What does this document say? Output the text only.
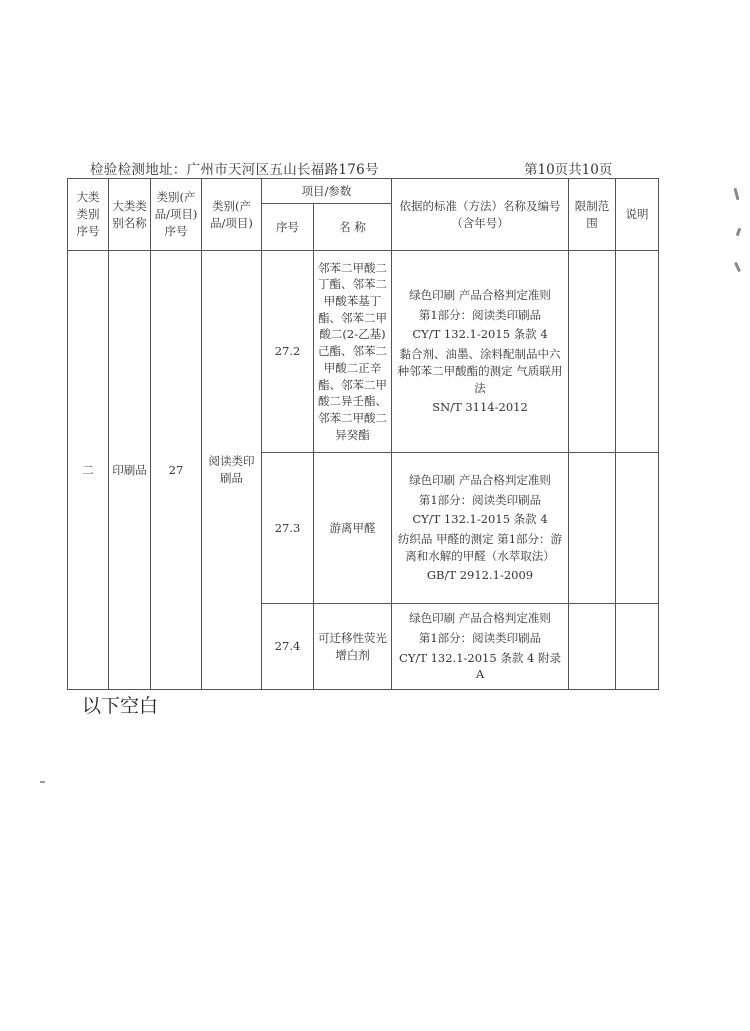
检验检测地址：广州市天河区五山长福路176号	第10页共10页
大类类别序号	大类类别名称	类别(产品/项目)序号	类别(产品/项目)	项目/参数		依据的标准（方法）名称及编号（含年号）	限制范围	说明
				序号	名 称			
二	印刷品	27	阅读类印刷品	27.2	邻苯二甲酸二丁酯、邻苯二甲酸苯基丁酯、邻苯二甲酸二(2-乙基)己酯、邻苯二甲酸二正辛酯、邻苯二甲酸二异壬酯、邻苯二甲酸二异癸酯	绿色印刷 产品合格判定准则

第1部分：阅读类印刷品

CY/T 132.1-2015 条款 4

黏合剂、油墨、涂料配制品中六种邻苯二甲酸酯的测定 气质联用法

SN/T 3114-2012		

				27.3	游离甲醛	绿色印刷 产品合格判定准则

第1部分：阅读类印刷品

CY/T 132.1-2015 条款 4

纺织品 甲醛的测定 第1部分：游离和水解的甲醛（水萃取法）

GB/T 2912.1-2009		

				27.4	可迁移性荧光增白剂	绿色印刷 产品合格判定准则

第1部分：阅读类印刷品

CY/T 132.1-2015 条款 4 附录A		

以下空白
